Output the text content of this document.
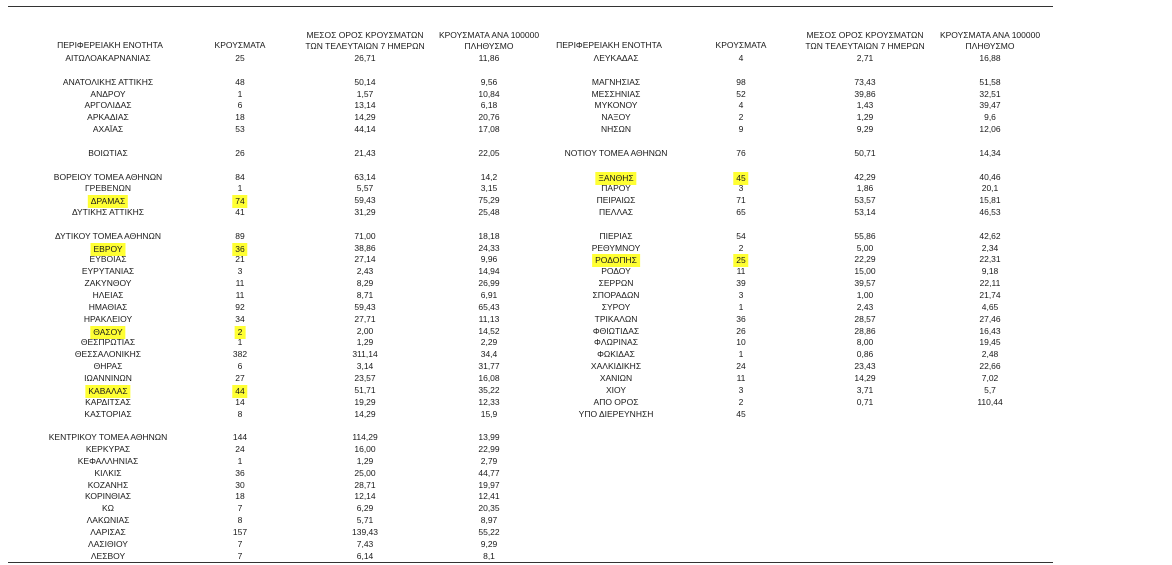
ΠΕΡΙΦΕΡΕΙΑΚΗ ΕΝΟΤΗΤΑ	ΚΡΟΥΣΜΑΤΑ
ΜΕΣΟΣ ΟΡΟΣ ΚΡΟΥΣΜΑΤΩΝ
ΤΩΝ ΤΕΛΕΥΤΑΙΩΝ 7 ΗΜΕΡΩΝ
ΚΡΟΥΣΜΑΤΑ ΑΝΑ 100000
ΠΛΗΘΥΣΜΟ	ΠΕΡΙΦΕΡΕΙΑΚΗ ΕΝΟΤΗΤΑ	ΚΡΟΥΣΜΑΤΑ
ΜΕΣΟΣ ΟΡΟΣ ΚΡΟΥΣΜΑΤΩΝ
ΤΩΝ ΤΕΛΕΥΤΑΙΩΝ 7 ΗΜΕΡΩΝ
ΚΡΟΥΣΜΑΤΑ ΑΝΑ 100000
ΠΛΗΘΥΣΜΟ
ΑΙΤΩΛΟΑΚΑΡΝΑΝΙΑΣ	25	26,71	11,86
ΑΝΑΤΟΛΙΚΗΣ ΑΤΤΙΚΗΣ	48	50,14	9,56
ΑΝΔΡΟΥ	1	1,57	10,84
ΑΡΓΟΛΙΔΑΣ	6	13,14	6,18
ΑΡΚΑΔΙΑΣ	18	14,29	20,76
ΑΧΑΪΑΣ	53	44,14	17,08
ΒΟΙΩΤΙΑΣ	26	21,43	22,05
ΒΟΡΕΙΟΥ ΤΟΜΕΑ ΑΘΗΝΩΝ	84	63,14	14,2
ΓΡΕΒΕΝΩΝ	1	5,57	3,15
ΔΡΑΜΑΣ	74	59,43	75,29
ΔΥΤΙΚΗΣ ΑΤΤΙΚΗΣ	41	31,29	25,48
ΔΥΤΙΚΟΥ ΤΟΜΕΑ ΑΘΗΝΩΝ	89	71,00	18,18
ΕΒΡΟΥ	36	38,86	24,33
ΕΥΒΟΙΑΣ	21	27,14	9,96
ΕΥΡΥΤΑΝΙΑΣ	3	2,43	14,94
ΖΑΚΥΝΘΟΥ	11	8,29	26,99
ΗΛΕΙΑΣ	11	8,71	6,91
ΗΜΑΘΙΑΣ	92	59,43	65,43
ΗΡΑΚΛΕΙΟΥ	34	27,71	11,13
ΘΑΣΟΥ	2	2,00	14,52
ΘΕΣΠΡΩΤΙΑΣ	1	1,29	2,29
ΘΕΣΣΑΛΟΝΙΚΗΣ	382	311,14	34,4
ΘΗΡΑΣ	6	3,14	31,77
ΙΩΑΝΝΙΝΩΝ	27	23,57	16,08
ΚΑΒΑΛΑΣ	44	51,71	35,22
ΚΑΡΔΙΤΣΑΣ	14	19,29	12,33
ΚΑΣΤΟΡΙΑΣ	8	14,29	15,9
ΚΕΝΤΡΙΚΟΥ ΤΟΜΕΑ ΑΘΗΝΩΝ	144	114,29	13,99
ΚΕΡΚΥΡΑΣ	24	16,00	22,99
ΚΕΦΑΛΛΗΝΙΑΣ	1	1,29	2,79
ΚΙΛΚΙΣ	36	25,00	44,77
ΚΟΖΑΝΗΣ	30	28,71	19,97
ΚΟΡΙΝΘΙΑΣ	18	12,14	12,41
ΚΩ	7	6,29	20,35
ΛΑΚΩΝΙΑΣ	8	5,71	8,97
ΛΑΡΙΣΑΣ	157	139,43	55,22
ΛΑΣΙΘΙΟΥ	7	7,43	9,29
ΛΕΣΒΟΥ	7	6,14	8,1
ΛΕΥΚΑΔΑΣ	4	2,71	16,88
ΜΑΓΝΗΣΙΑΣ	98	73,43	51,58
ΜΕΣΣΗΝΙΑΣ	52	39,86	32,51
ΜΥΚΟΝΟΥ	4	1,43	39,47
ΝΑΞΟΥ	2	1,29	9,6
ΝΗΣΩΝ	9	9,29	12,06
ΝΟΤΙΟΥ ΤΟΜΕΑ ΑΘΗΝΩΝ	76	50,71	14,34
ΞΑΝΘΗΣ	45	42,29	40,46
ΠΑΡΟΥ	3	1,86	20,1
ΠΕΙΡΑΙΩΣ	71	53,57	15,81
ΠΕΛΛΑΣ	65	53,14	46,53
ΠΙΕΡΙΑΣ	54	55,86	42,62
ΡΕΘΥΜΝΟΥ	2	5,00	2,34
ΡΟΔΟΠΗΣ	25	22,29	22,31
ΡΟΔΟΥ	11	15,00	9,18
ΣΕΡΡΩΝ	39	39,57	22,11
ΣΠΟΡΑΔΩΝ	3	1,00	21,74
ΣΥΡΟΥ	1	2,43	4,65
ΤΡΙΚΑΛΩΝ	36	28,57	27,46
ΦΘΙΩΤΙΔΑΣ	26	28,86	16,43
ΦΛΩΡΙΝΑΣ	10	8,00	19,45
ΦΩΚΙΔΑΣ	1	0,86	2,48
ΧΑΛΚΙΔΙΚΗΣ	24	23,43	22,66
ΧΑΝΙΩΝ	11	14,29	7,02
ΧΙΟΥ	3	3,71	5,7
ΑΠΟ ΟΡΟΣ	2	0,71	110,44
ΥΠΟ ΔΙΕΡΕΥΝΗΣΗ	45
